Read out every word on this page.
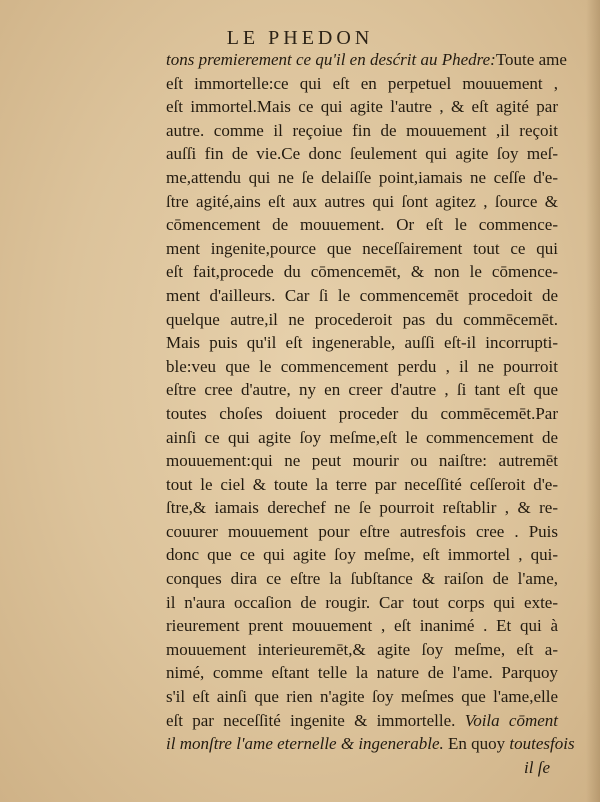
LE PHEDON
tons premierement ce qu'il en desćrit au Phedre:Toute ame
eſt immortelle:ce qui eſt en perpetuel mouuement ,
eſt immortel.Mais ce qui agite l'autre , & eſt agité par
autre. comme il reçoiue fin de mouuement ,il reçoit
auſſi fin de vie.Ce donc ſeulement qui agite ſoy meſ-
me,attendu qui ne ſe delaiſſe point,iamais ne ceſſe d'e-
ſtre agité,ains eſt aux autres qui ſont agitez , ſource &
cōmencement de mouuement. Or eſt le commence-
ment ingenite,pource que neceſſairement tout ce qui
eſt fait,procede du cōmencemēt, & non le cōmence-
ment d'ailleurs. Car ſi le commencemēt procedoit de
quelque autre,il ne procederoit pas du commēcemēt.
Mais puis qu'il eſt ingenerable, auſſi eſt-il incorrupti-
ble:veu que le commencement perdu , il ne pourroit
eſtre cree d'autre, ny en creer d'autre , ſi tant eſt que
toutes choſes doiuent proceder du commēcemēt.Par
ainſi ce qui agite ſoy meſme,eſt le commencement de
mouuement:qui ne peut mourir ou naiſtre: autremēt
tout le ciel & toute la terre par neceſſité ceſſeroit d'e-
ſtre,& iamais derechef ne ſe pourroit reſtablir , & re-
couurer mouuement pour eſtre autresfois cree . Puis
donc que ce qui agite ſoy meſme, eſt immortel , qui-
conques dira ce eſtre la ſubſtance & raiſon de l'ame,
il n'aura occaſion de rougir. Car tout corps qui exte-
rieurement prent mouuement , eſt inanimé . Et qui à
mouuement interieuremēt,& agite ſoy meſme, eſt a-
nimé, comme eſtant telle la nature de l'ame. Parquoy
s'il eſt ainſi que rien n'agite ſoy meſmes que l'ame,elle
eſt par neceſſité ingenite & immortelle. Voila cōment
il monſtre l'ame eternelle & ingenerable. En quoy toutesfois
il ſe
